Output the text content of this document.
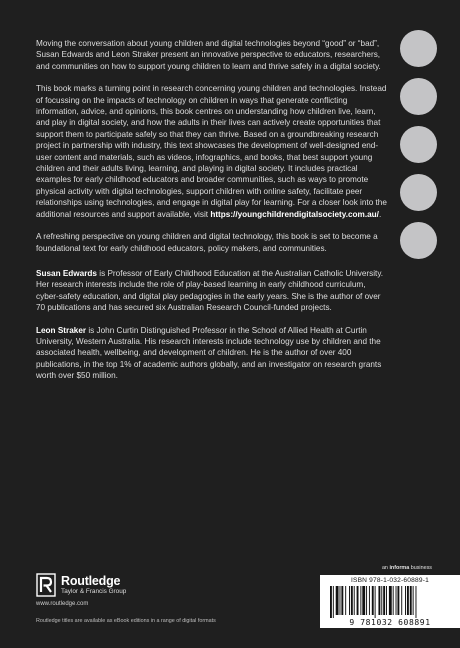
Moving the conversation about young children and digital technologies beyond “good” or “bad”, Susan Edwards and Leon Straker present an innovative perspective to educators, researchers, and communities on how to support young children to learn and thrive safely in a digital society.

This book marks a turning point in research concerning young children and technologies. Instead of focussing on the impacts of technology on children in ways that generate conflicting information, advice, and opinions, this book centres on understanding how children live, learn, and play in digital society, and how the adults in their lives can actively create opportunities that support them to participate safely so that they can thrive. Based on a groundbreaking research project in partnership with industry, this text showcases the development of well-designed end-user content and materials, such as videos, infographics, and books, that best support young children and their adults living, learning, and playing in digital society. It includes practical examples for early childhood educators and broader communities, such as ways to promote physical activity with digital technologies, support children with online safety, facilitate peer relationships using technologies, and engage in digital play for learning. For a closer look into the additional resources and support available, visit https://youngchildrendigitalsociety.com.au/.

A refreshing perspective on young children and digital technology, this book is set to become a foundational text for early childhood educators, policy makers, and communities.

Susan Edwards is Professor of Early Childhood Education at the Australian Catholic University. Her research interests include the role of play-based learning in early childhood curriculum, cyber-safety education, and digital play pedagogies in the early years. She is the author of over 70 publications and has secured six Australian Research Council-funded projects.

Leon Straker is John Curtin Distinguished Professor in the School of Allied Health at Curtin University, Western Australia. His research interests include technology use by children and the associated health, wellbeing, and development of children. He is the author of over 400 publications, in the top 1% of academic authors globally, and an investigator on research grants worth over $50 million.

Routledge
Taylor & Francis Group
www.routledge.com
Routledge titles are available as eBook editions in a range of digital formats
an informa business
ISBN 978-1-032-60889-1
9 781032 608891
